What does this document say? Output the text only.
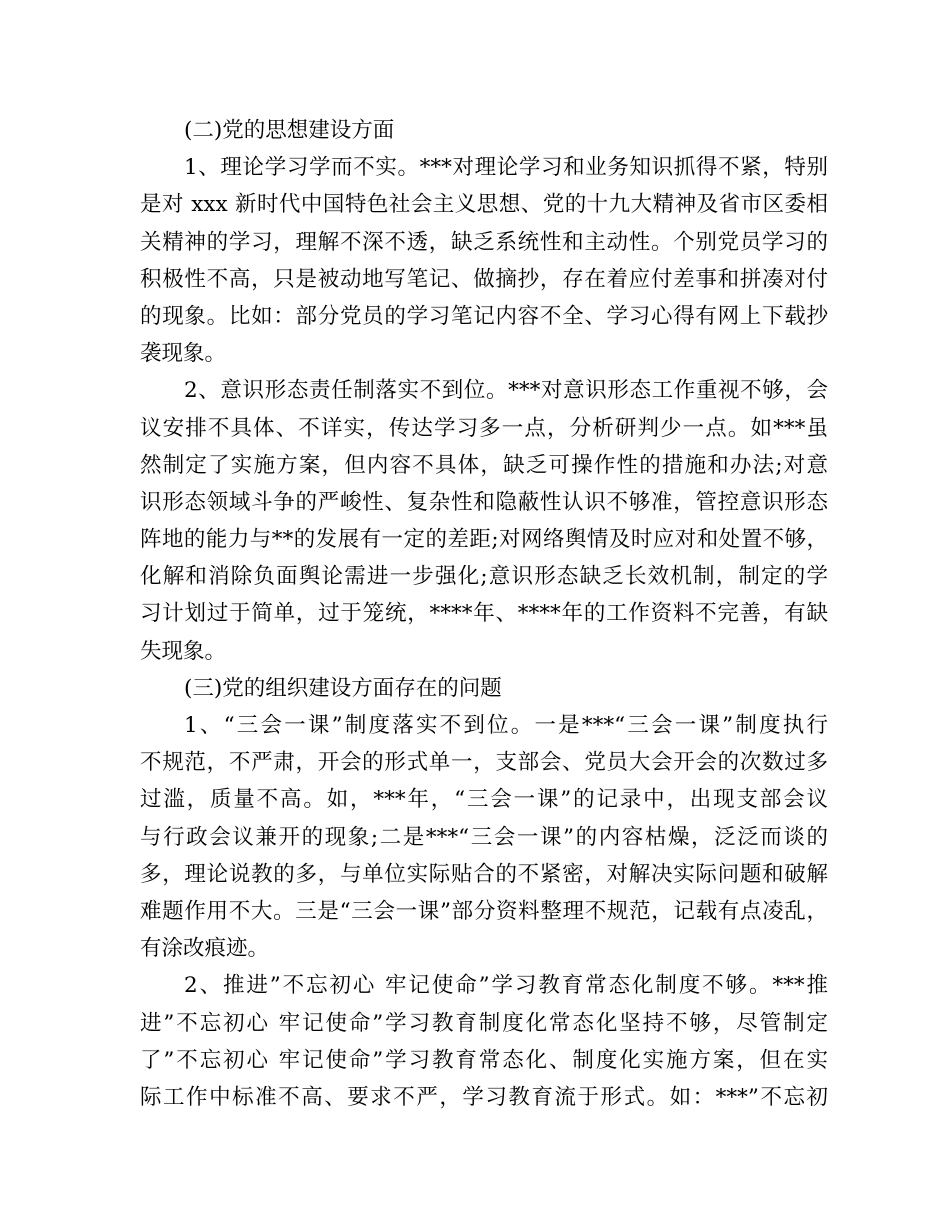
(二)党的思想建设方面
1、理论学习学而不实。***对理论学习和业务知识抓得不紧，特别
是对 xxx 新时代中国特色社会主义思想、党的十九大精神及省市区委相
关精神的学习，理解不深不透，缺乏系统性和主动性。个别党员学习的
积极性不高，只是被动地写笔记、做摘抄，存在着应付差事和拼凑对付
的现象。比如：部分党员的学习笔记内容不全、学习心得有网上下载抄
袭现象。
2、意识形态责任制落实不到位。***对意识形态工作重视不够，会
议安排不具体、不详实，传达学习多一点，分析研判少一点。如***虽
然制定了实施方案，但内容不具体，缺乏可操作性的措施和办法;对意
识形态领域斗争的严峻性、复杂性和隐蔽性认识不够准，管控意识形态
阵地的能力与**的发展有一定的差距;对网络舆情及时应对和处置不够，
化解和消除负面舆论需进一步强化;意识形态缺乏长效机制，制定的学
习计划过于简单，过于笼统，****年、****年的工作资料不完善，有缺
失现象。
(三)党的组织建设方面存在的问题
1、“三会一课”制度落实不到位。一是***“三会一课”制度执行
不规范，不严肃，开会的形式单一，支部会、党员大会开会的次数过多
过滥，质量不高。如，***年，“三会一课”的记录中，出现支部会议
与行政会议兼开的现象;二是***“三会一课”的内容枯燥，泛泛而谈的
多，理论说教的多，与单位实际贴合的不紧密，对解决实际问题和破解
难题作用不大。三是“三会一课”部分资料整理不规范，记载有点凌乱，
有涂改痕迹。
2、推进”不忘初心 牢记使命”学习教育常态化制度不够。***推
进”不忘初心 牢记使命”学习教育制度化常态化坚持不够，尽管制定
了”不忘初心 牢记使命”学习教育常态化、制度化实施方案，但在实
际工作中标准不高、要求不严，学习教育流于形式。如：***”不忘初
